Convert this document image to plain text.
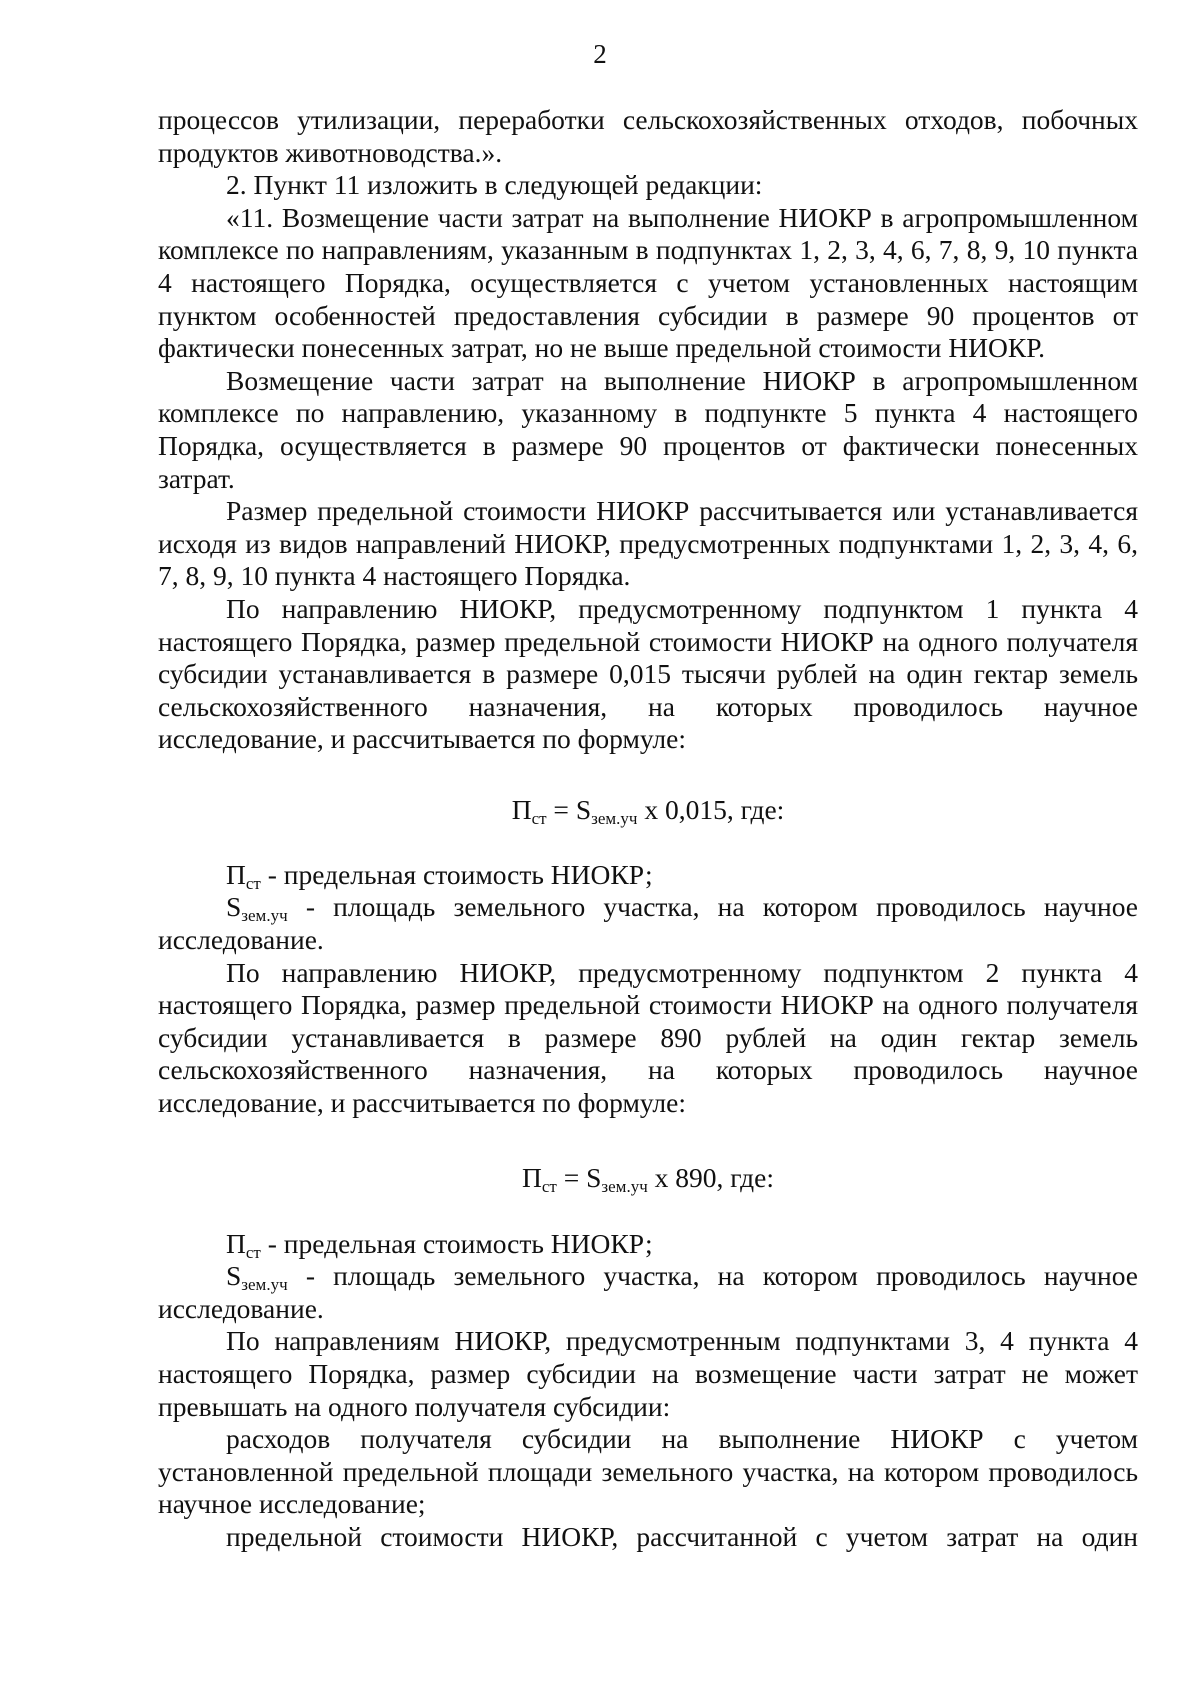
2

процессов утилизации, переработки сельскохозяйственных отходов, побочных продуктов животноводства.».

2. Пункт 11 изложить в следующей редакции:

«11. Возмещение части затрат на выполнение НИОКР в агропромышленном комплексе по направлениям, указанным в подпунктах 1, 2, 3, 4, 6, 7, 8, 9, 10 пункта 4 настоящего Порядка, осуществляется с учетом установленных настоящим пунктом особенностей предоставления субсидии в размере 90 процентов от фактически понесенных затрат, но не выше предельной стоимости НИОКР.

Возмещение части затрат на выполнение НИОКР в агропромышленном комплексе по направлению, указанному в подпункте 5 пункта 4 настоящего Порядка, осуществляется в размере 90 процентов от фактически понесенных затрат.

Размер предельной стоимости НИОКР рассчитывается или устанавливается исходя из видов направлений НИОКР, предусмотренных подпунктами 1, 2, 3, 4, 6, 7, 8, 9, 10 пункта 4 настоящего Порядка.

По направлению НИОКР, предусмотренному подпунктом 1 пункта 4 настоящего Порядка, размер предельной стоимости НИОКР на одного получателя субсидии устанавливается в размере 0,015 тысячи рублей на один гектар земель сельскохозяйственного назначения, на которых проводилось научное исследование, и рассчитывается по формуле:

$П_{ст} = S_{зем.уч}$ х 0,015, где:

$П_{ст}$ - предельная стоимость НИОКР;

$S_{зем.уч}$ - площадь земельного участка, на котором проводилось научное исследование.

По направлению НИОКР, предусмотренному подпунктом 2 пункта 4 настоящего Порядка, размер предельной стоимости НИОКР на одного получателя субсидии устанавливается в размере 890 рублей на один гектар земель сельскохозяйственного назначения, на которых проводилось научное исследование, и рассчитывается по формуле:

$П_{ст} = S_{зем.уч}$ х 890, где:

$П_{ст}$ - предельная стоимость НИОКР;

$S_{зем.уч}$ - площадь земельного участка, на котором проводилось научное исследование.

По направлениям НИОКР, предусмотренным подпунктами 3, 4 пункта 4 настоящего Порядка, размер субсидии на возмещение части затрат не может превышать на одного получателя субсидии:

расходов получателя субсидии на выполнение НИОКР с учетом установленной предельной площади земельного участка, на котором проводилось научное исследование;

предельной стоимости НИОКР, рассчитанной с учетом затрат на один
